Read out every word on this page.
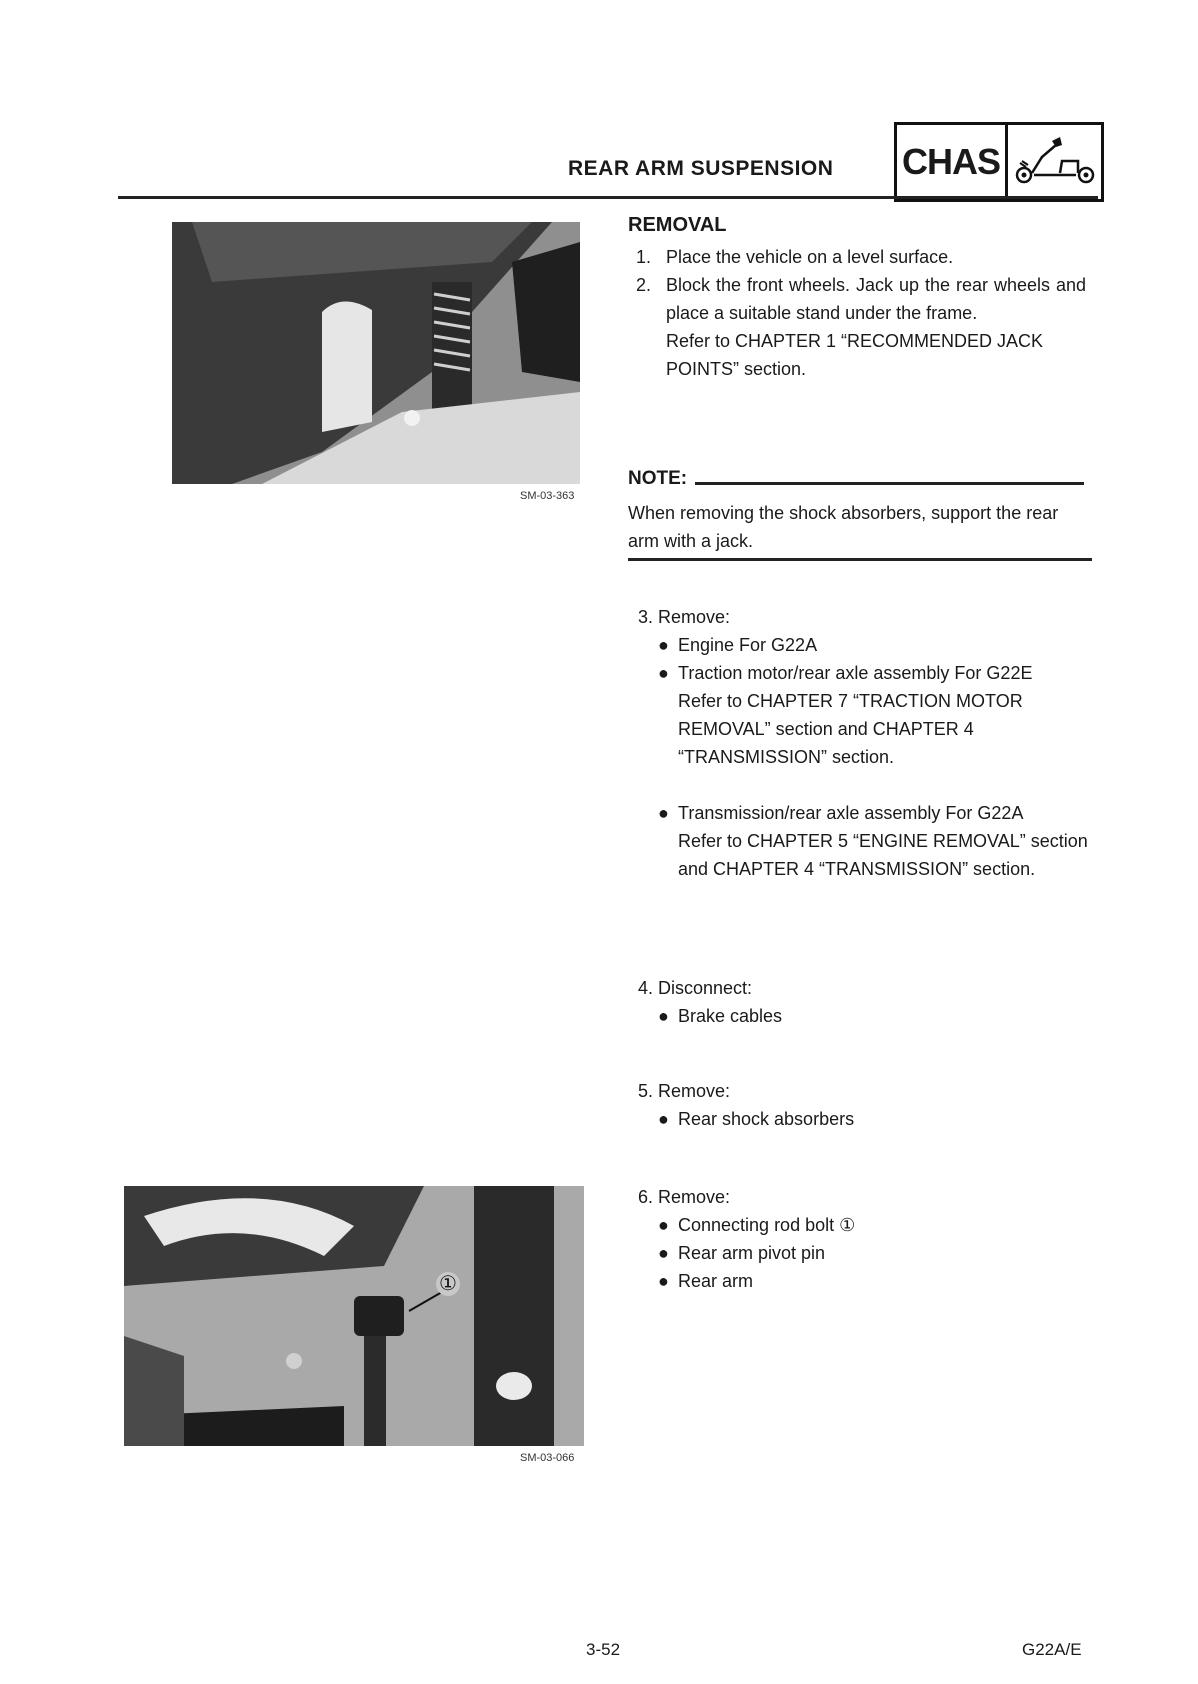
REAR ARM SUSPENSION CHAS
SM-03-363
①
SM-03-066
REMOVAL
1. Place the vehicle on a level surface.
2. Block the front wheels. Jack up the rear wheels and place a suitable stand under the frame.
Refer to CHAPTER 1 “RECOMMENDED JACK POINTS” section.
NOTE:
When removing the shock absorbers, support the rear arm with a jack.
3. Remove:
● Engine For G22A
● Traction motor/rear axle assembly For G22E
Refer to CHAPTER 7 “TRACTION MOTOR REMOVAL” section and CHAPTER 4 “TRANSMISSION” section.
● Transmission/rear axle assembly For G22A
Refer to CHAPTER 5 “ENGINE REMOVAL” section and CHAPTER 4 “TRANSMISSION” section.
4. Disconnect:
● Brake cables
5. Remove:
● Rear shock absorbers
6. Remove:
● Connecting rod bolt ①
● Rear arm pivot pin
● Rear arm
3-52	G22A/E
